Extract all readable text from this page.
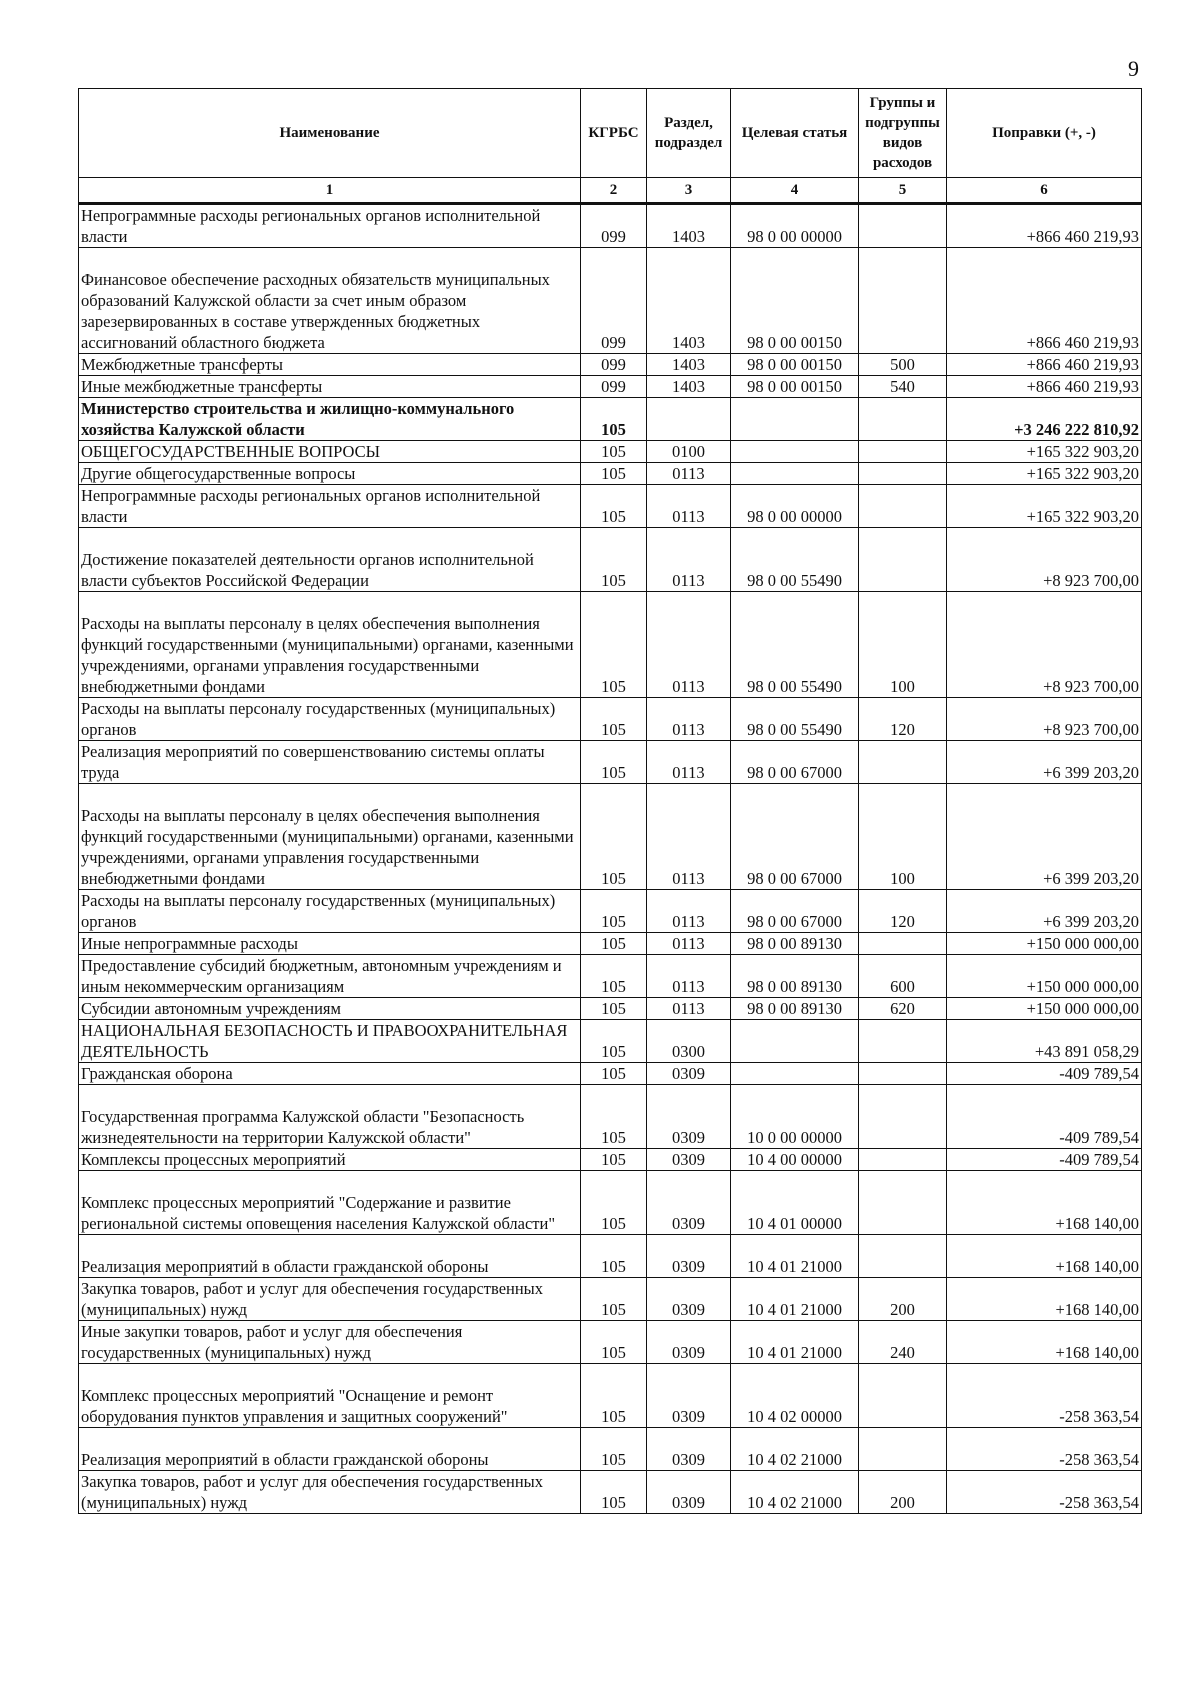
9
Наименование	КГРБС	Раздел, подраздел	Целевая статья	Группы и подгруппы видов расходов	Поправки (+, -)
1	2	3	4	5	6
Непрограммные расходы региональных органов исполнительной власти	099	1403	98 0 00 00000		+866 460 219,93
Финансовое обеспечение расходных обязательств муниципальных образований Калужской области за счет иным образом зарезервированных в составе утвержденных бюджетных ассигнований областного бюджета	099	1403	98 0 00 00150		+866 460 219,93
Межбюджетные трансферты	099	1403	98 0 00 00150	500	+866 460 219,93
Иные межбюджетные трансферты	099	1403	98 0 00 00150	540	+866 460 219,93
Министерство строительства и жилищно-коммунального хозяйства Калужской области	105				+3 246 222 810,92
ОБЩЕГОСУДАРСТВЕННЫЕ ВОПРОСЫ	105	0100			+165 322 903,20
Другие общегосударственные вопросы	105	0113			+165 322 903,20
Непрограммные расходы региональных органов исполнительной власти	105	0113	98 0 00 00000		+165 322 903,20
Достижение показателей деятельности органов исполнительной власти субъектов Российской Федерации	105	0113	98 0 00 55490		+8 923 700,00
Расходы на выплаты персоналу в целях обеспечения выполнения функций государственными (муниципальными) органами, казенными учреждениями, органами управления государственными внебюджетными фондами	105	0113	98 0 00 55490	100	+8 923 700,00
Расходы на выплаты персоналу государственных (муниципальных) органов	105	0113	98 0 00 55490	120	+8 923 700,00
Реализация мероприятий по совершенствованию системы оплаты труда	105	0113	98 0 00 67000		+6 399 203,20
Расходы на выплаты персоналу в целях обеспечения выполнения функций государственными (муниципальными) органами, казенными учреждениями, органами управления государственными внебюджетными фондами	105	0113	98 0 00 67000	100	+6 399 203,20
Расходы на выплаты персоналу государственных (муниципальных) органов	105	0113	98 0 00 67000	120	+6 399 203,20
Иные непрограммные расходы	105	0113	98 0 00 89130		+150 000 000,00
Предоставление субсидий бюджетным, автономным учреждениям и иным некоммерческим организациям	105	0113	98 0 00 89130	600	+150 000 000,00
Субсидии автономным учреждениям	105	0113	98 0 00 89130	620	+150 000 000,00
НАЦИОНАЛЬНАЯ БЕЗОПАСНОСТЬ И ПРАВООХРАНИТЕЛЬНАЯ ДЕЯТЕЛЬНОСТЬ	105	0300			+43 891 058,29
Гражданская оборона	105	0309			-409 789,54
Государственная программа Калужской области "Безопасность жизнедеятельности на территории Калужской области"	105	0309	10 0 00 00000		-409 789,54
Комплексы процессных мероприятий	105	0309	10 4 00 00000		-409 789,54
Комплекс процессных мероприятий "Содержание и развитие региональной системы оповещения населения Калужской области"	105	0309	10 4 01 00000		+168 140,00
Реализация мероприятий в области гражданской обороны	105	0309	10 4 01 21000		+168 140,00
Закупка товаров, работ и услуг для обеспечения государственных (муниципальных) нужд	105	0309	10 4 01 21000	200	+168 140,00
Иные закупки товаров, работ и услуг для обеспечения государственных (муниципальных) нужд	105	0309	10 4 01 21000	240	+168 140,00
Комплекс процессных мероприятий "Оснащение и ремонт оборудования пунктов управления и защитных сооружений"	105	0309	10 4 02 00000		-258 363,54
Реализация мероприятий в области гражданской обороны	105	0309	10 4 02 21000		-258 363,54
Закупка товаров, работ и услуг для обеспечения государственных (муниципальных) нужд	105	0309	10 4 02 21000	200	-258 363,54
